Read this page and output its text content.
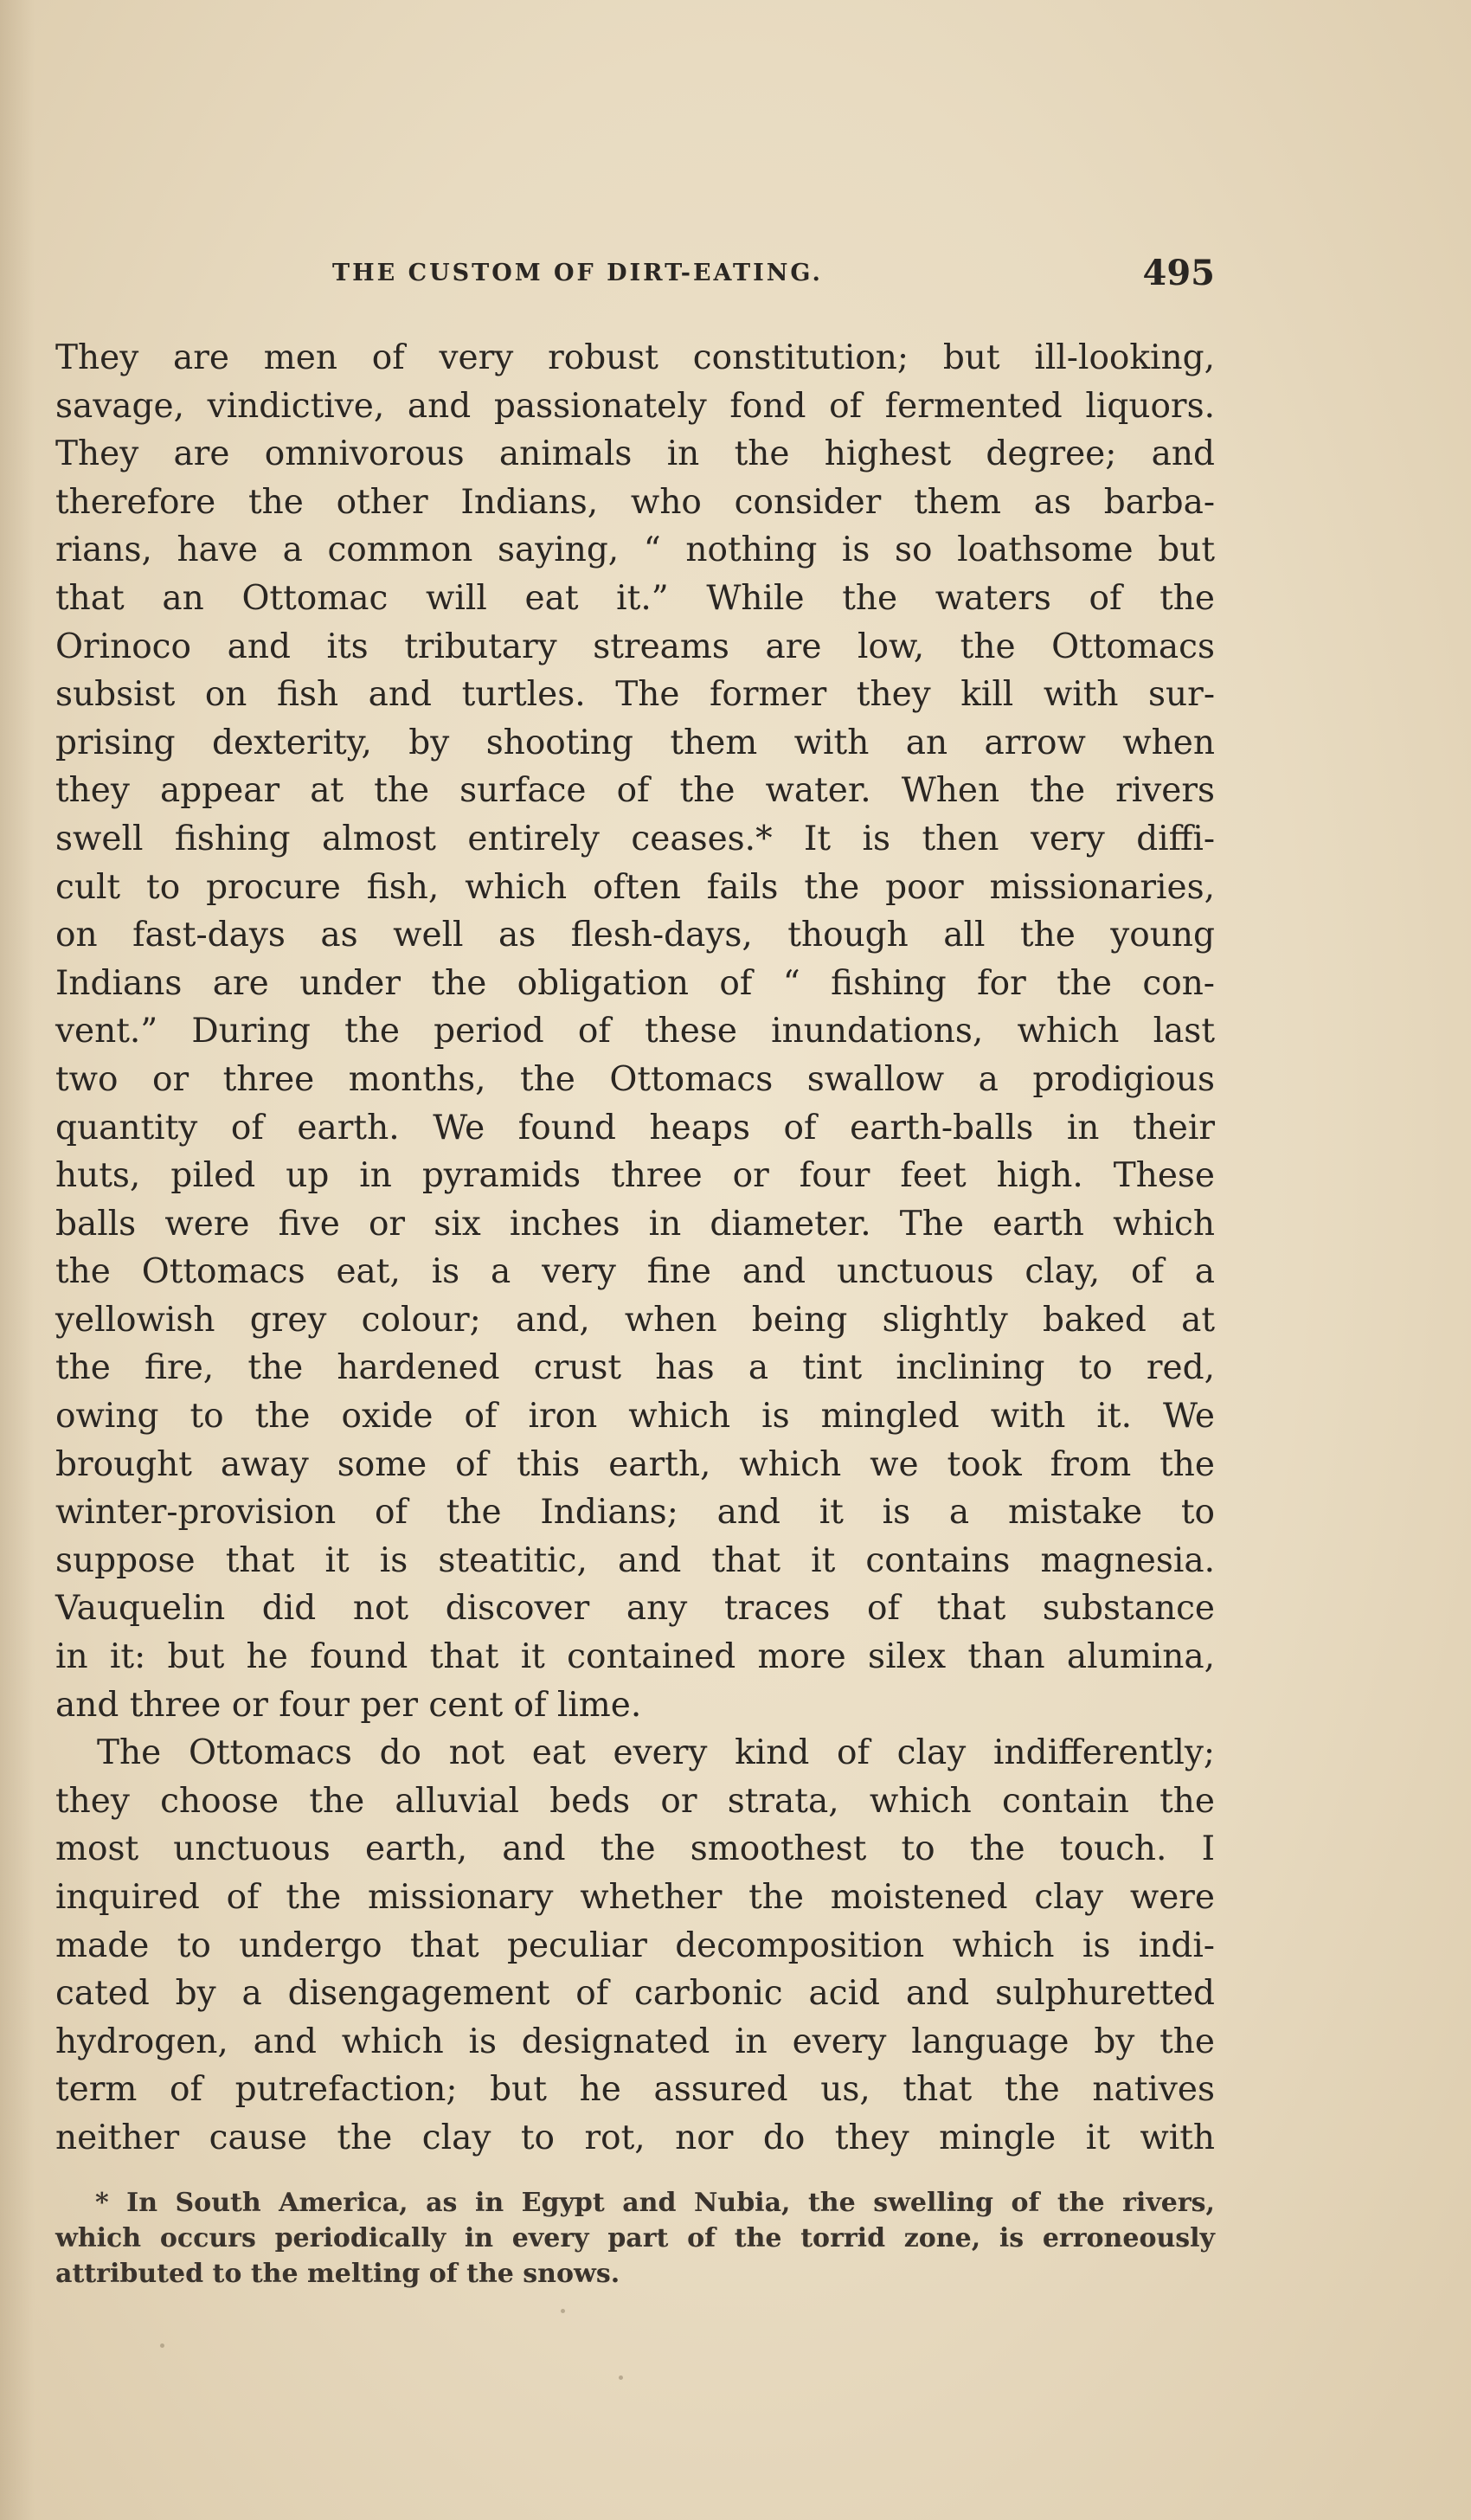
THE CUSTOM OF DIRT-EATING.	495
They are men of very robust constitution; but ill-looking,
savage, vindictive, and passionately fond of fermented liquors.
They are omnivorous animals in the highest degree; and
therefore the other Indians, who consider them as barba-
rians, have a common saying, “ nothing is so loathsome but
that an Ottomac will eat it.” While the waters of the
Orinoco and its tributary streams are low, the Ottomacs
subsist on fish and turtles. The former they kill with sur-
prising dexterity, by shooting them with an arrow when
they appear at the surface of the water. When the rivers
swell fishing almost entirely ceases.* It is then very diffi-
cult to procure fish, which often fails the poor missionaries,
on fast-days as well as flesh-days, though all the young
Indians are under the obligation of “ fishing for the con-
vent.” During the period of these inundations, which last
two or three months, the Ottomacs swallow a prodigious
quantity of earth. We found heaps of earth-balls in their
huts, piled up in pyramids three or four feet high. These
balls were five or six inches in diameter. The earth which
the Ottomacs eat, is a very fine and unctuous clay, of a
yellowish grey colour; and, when being slightly baked at
the fire, the hardened crust has a tint inclining to red,
owing to the oxide of iron which is mingled with it. We
brought away some of this earth, which we took from the
winter-provision of the Indians; and it is a mistake to
suppose that it is steatitic, and that it contains magnesia.
Vauquelin did not discover any traces of that substance
in it: but he found that it contained more silex than alumina,
and three or four per cent of lime.
The Ottomacs do not eat every kind of clay indifferently;
they choose the alluvial beds or strata, which contain the
most unctuous earth, and the smoothest to the touch. I
inquired of the missionary whether the moistened clay were
made to undergo that peculiar decomposition which is indi-
cated by a disengagement of carbonic acid and sulphuretted
hydrogen, and which is designated in every language by the
term of putrefaction; but he assured us, that the natives
neither cause the clay to rot, nor do they mingle it with
* In South America, as in Egypt and Nubia, the swelling of the rivers,
which occurs periodically in every part of the torrid zone, is erroneously
attributed to the melting of the snows.
